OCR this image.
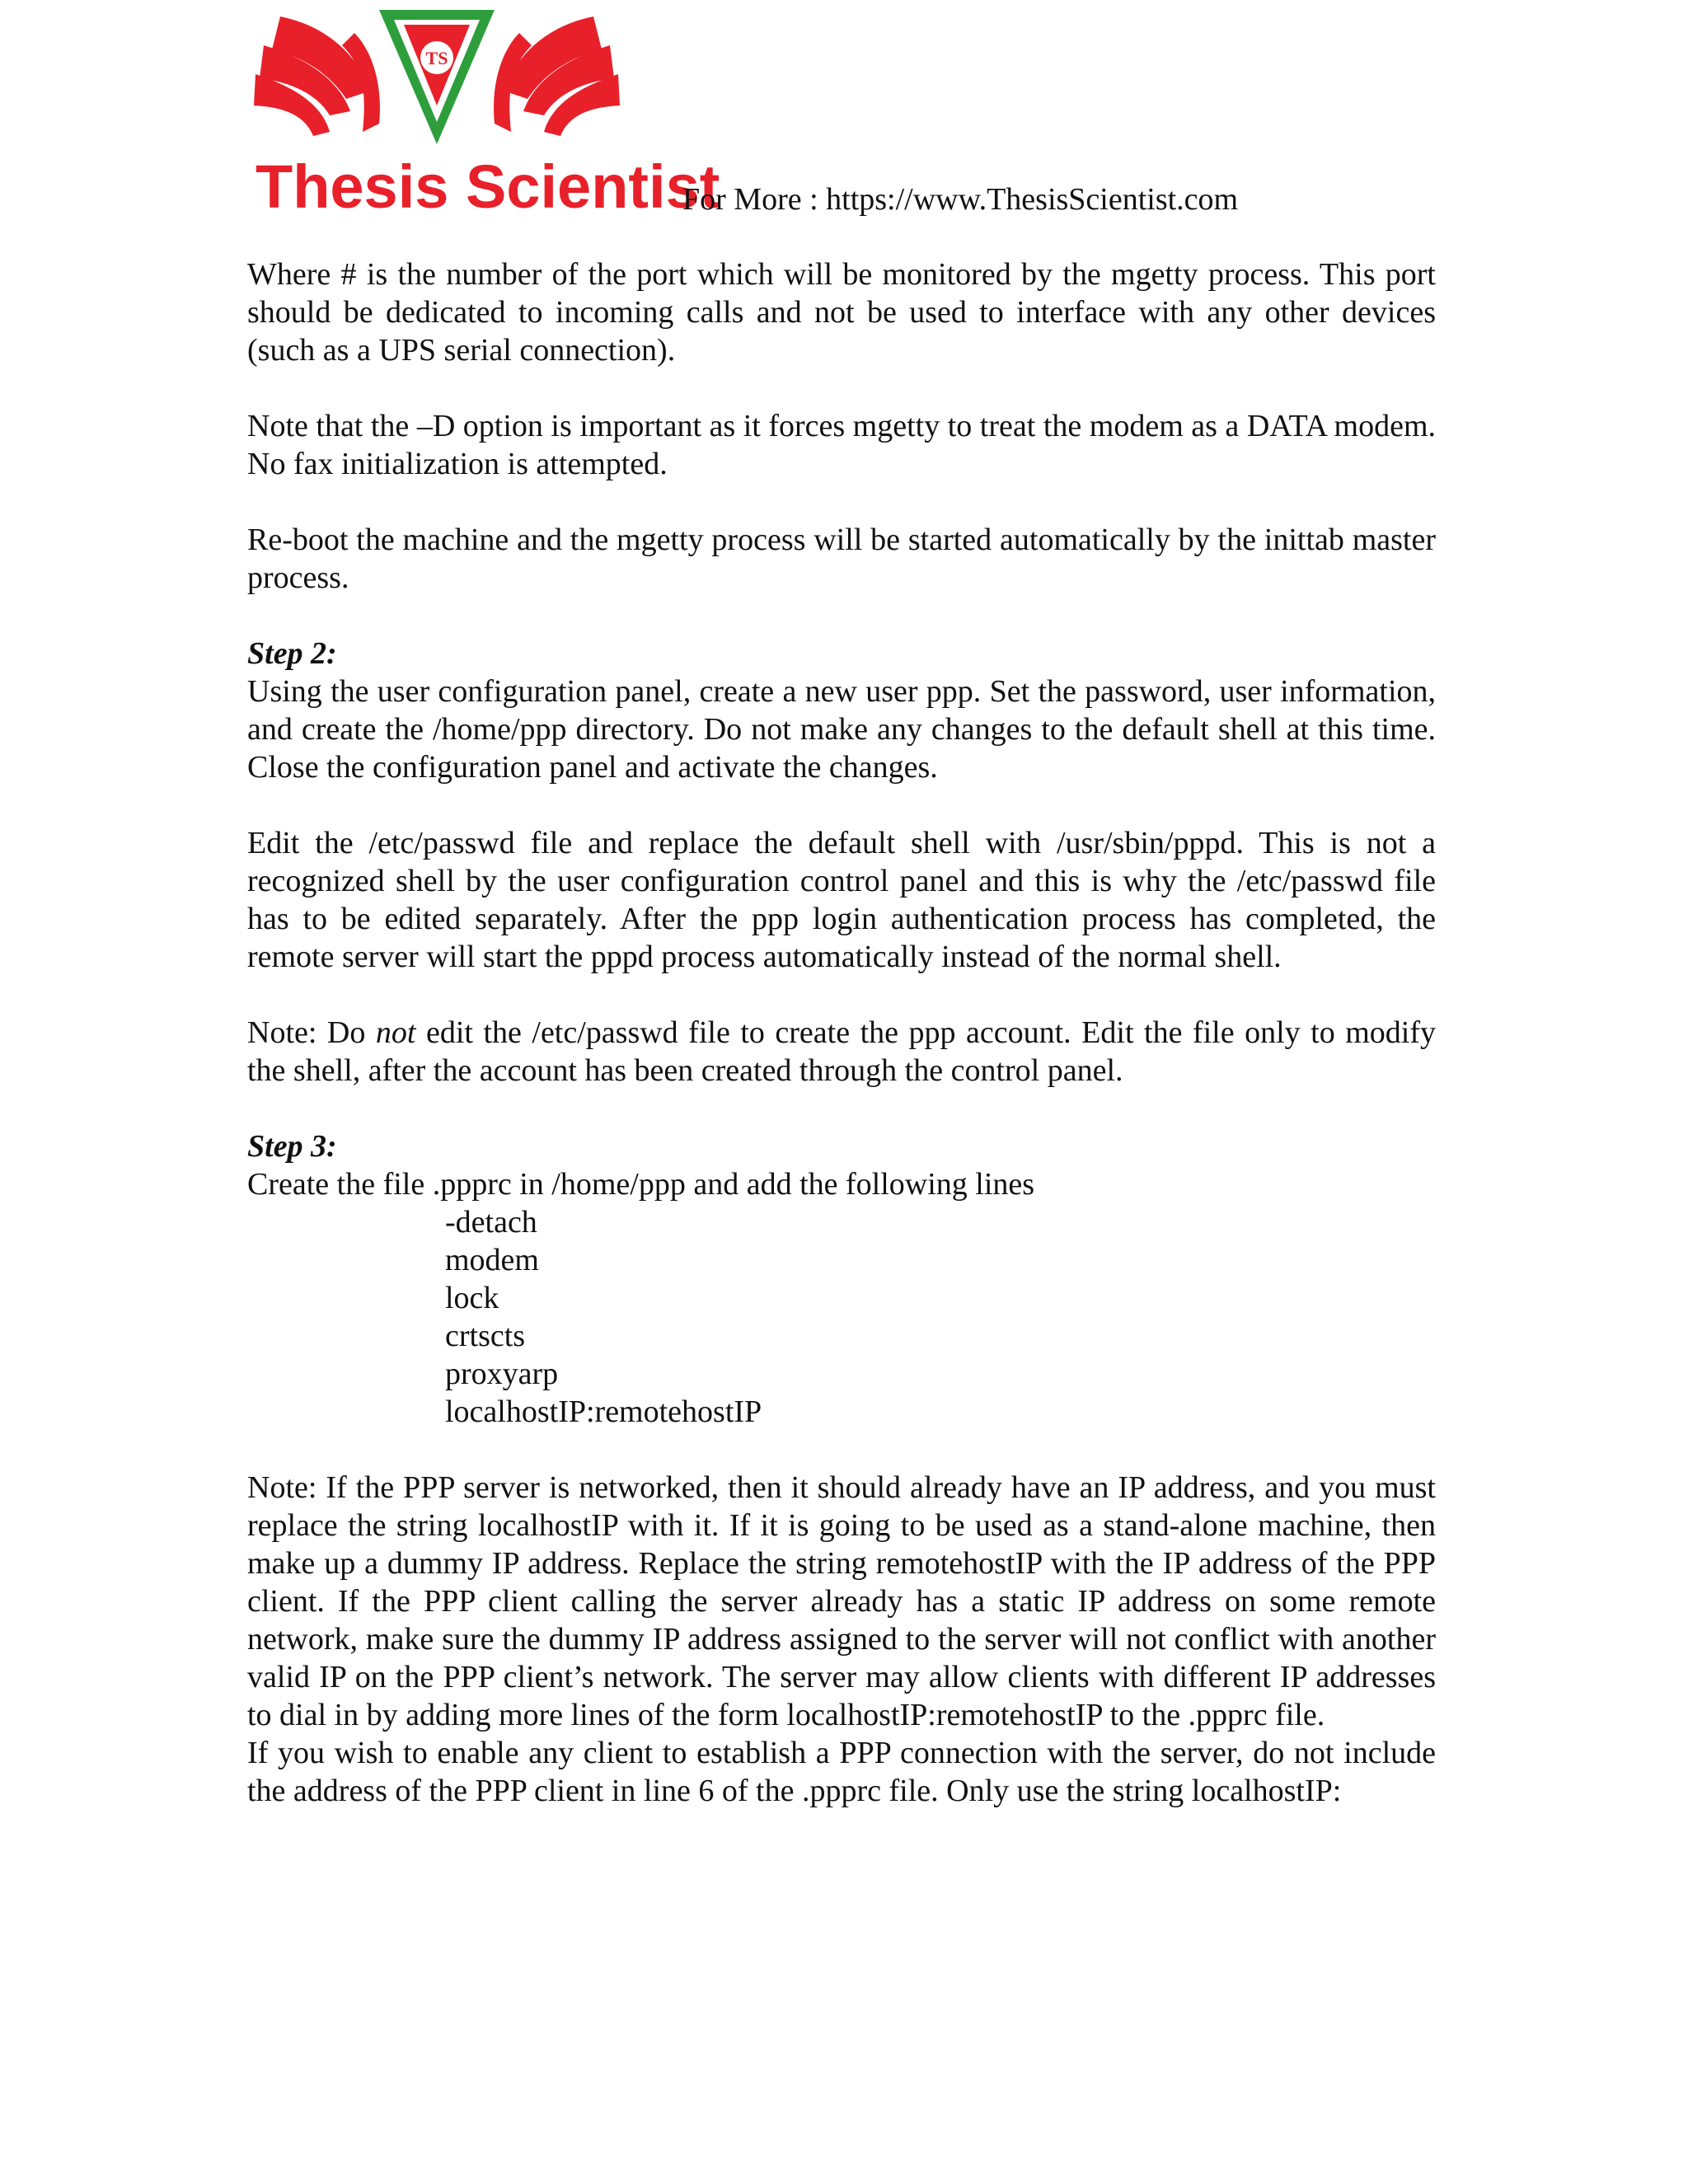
TS
Thesis Scientist
For More : https://www.ThesisScientist.com

Where # is the number of the port which will be monitored by the mgetty process. This port should be dedicated to incoming calls and not be used to interface with any other devices (such as a UPS serial connection).

Note that the –D option is important as it forces mgetty to treat the modem as a DATA modem. No fax initialization is attempted.

Re-boot the machine and the mgetty process will be started automatically by the inittab master process.

Step 2:

Using the user configuration panel, create a new user ppp. Set the password, user information, and create the /home/ppp directory. Do not make any changes to the default shell at this time. Close the configuration panel and activate the changes.

Edit the /etc/passwd file and replace the default shell with /usr/sbin/pppd. This is not a recognized shell by the user configuration control panel and this is why the /etc/passwd file has to be edited separately. After the ppp login authentication process has completed, the remote server will start the pppd process automatically instead of the normal shell.

Note: Do not edit the /etc/passwd file to create the ppp account. Edit the file only to modify the shell, after the account has been created through the control panel.

Step 3:

Create the file .ppprc in /home/ppp and add the following lines

-detach
modem
lock
crtscts
proxyarp
localhostIP:remotehostIP

Note: If the PPP server is networked, then it should already have an IP address, and you must replace the string localhostIP with it. If it is going to be used as a stand-alone machine, then make up a dummy IP address. Replace the string remotehostIP with the IP address of the PPP client. If the PPP client calling the server already has a static IP address on some remote network, make sure the dummy IP address assigned to the server will not conflict with another valid IP on the PPP client’s network. The server may allow clients with different IP addresses to dial in by adding more lines of the form localhostIP:remotehostIP to the .ppprc file.

If you wish to enable any client to establish a PPP connection with the server, do not include the address of the PPP client in line 6 of the .ppprc file. Only use the string localhostIP:
